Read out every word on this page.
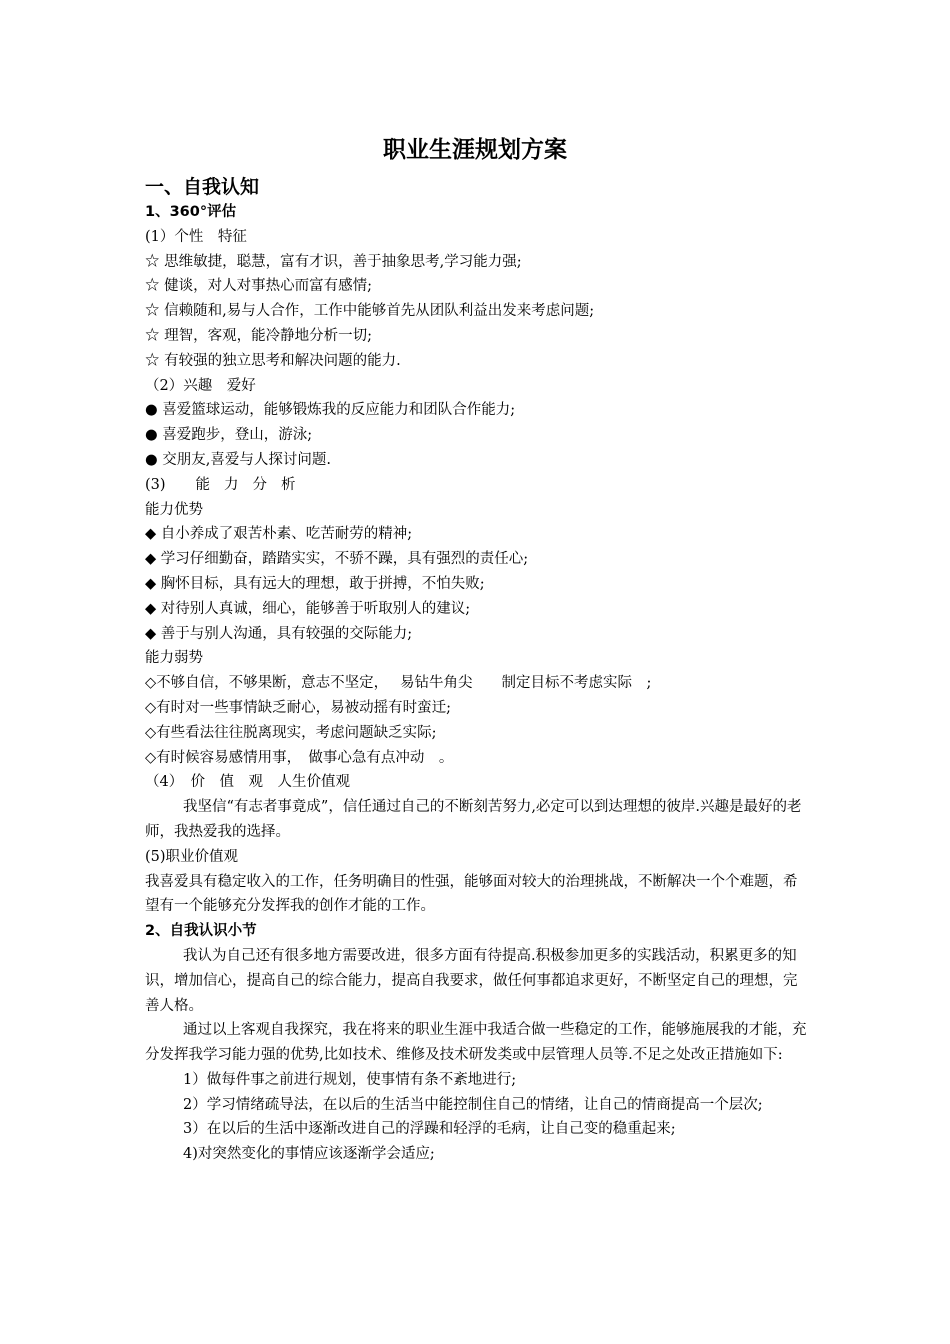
职业生涯规划方案
一、自我认知

1、360°评估

(1）个性　特征

☆ 思维敏捷，聪慧，富有才识，善于抽象思考,学习能力强;

☆ 健谈，对人对事热心而富有感情;

☆ 信赖随和,易与人合作，工作中能够首先从团队利益出发来考虑问题;

☆ 理智，客观，能冷静地分析一切;

☆ 有较强的独立思考和解决问题的能力.

（2）兴趣　爱好

● 喜爱篮球运动，能够锻炼我的反应能力和团队合作能力;

● 喜爱跑步，登山，游泳;

● 交朋友,喜爱与人探讨问题.

(3) 能力分析

能力优势

◆ 自小养成了艰苦朴素、吃苦耐劳的精神;

◆ 学习仔细勤奋，踏踏实实，不骄不躁，具有强烈的责任心;

◆ 胸怀目标，具有远大的理想，敢于拼搏，不怕失败;

◆ 对待别人真诚，细心，能够善于听取别人的建议;

◆ 善于与别人沟通，具有较强的交际能力;

能力弱势

◇不够自信，不够果断，意志不坚定，　 易钻牛角尖　　制定目标不考虑实际　;

◇有时对一些事情缺乏耐心，易被动摇有时蛮迁;

◇有些看法往往脱离现实，考虑问题缺乏实际;

◇有时候容易感情用事，　做事心急有点冲动　。

（4）　价　值　观　人生价值观

我坚信“有志者事竟成”，信任通过自己的不断刻苦努力,必定可以到达理想的彼岸.兴趣是最好的老师，我热爱我的选择。

(5)职业价值观

我喜爱具有稳定收入的工作，任务明确目的性强，能够面对较大的治理挑战，不断解决一个个难题，希望有一个能够充分发挥我的创作才能的工作。

2、自我认识小节

我认为自己还有很多地方需要改进，很多方面有待提高.积极参加更多的实践活动，积累更多的知识，增加信心，提高自己的综合能力，提高自我要求，做任何事都追求更好，不断坚定自己的理想，完善人格。

通过以上客观自我探究，我在将来的职业生涯中我适合做一些稳定的工作，能够施展我的才能，充分发挥我学习能力强的优势,比如技术、维修及技术研发类或中层管理人员等.不足之处改正措施如下:

1）做每件事之前进行规划，使事情有条不紊地进行;

2）学习情绪疏导法，在以后的生活当中能控制住自己的情绪，让自己的情商提高一个层次;

3）在以后的生活中逐渐改进自己的浮躁和轻浮的毛病，让自己变的稳重起来;

4)对突然变化的事情应该逐渐学会适应;
